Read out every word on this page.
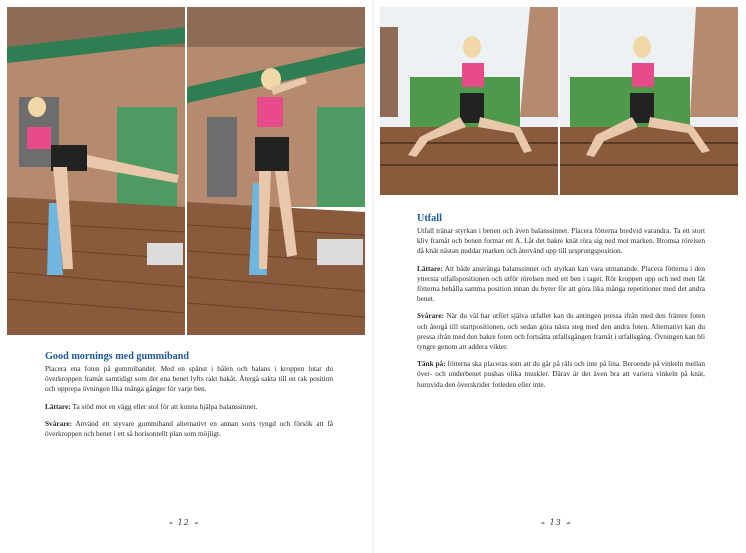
Good mornings med gummiband

Placera ena foten på gummibandet. Med en spänst i bålen och balans i kroppen lutar du överkroppen framåt samtidigt som det ena benet lyfts rakt bakåt. Återgå sakta till en rak position och upprepa övningen lika många gånger för varje ben.

Lättare: Ta stöd mot en vägg eller stol för att kunna hjälpa balanssinnet.

Svårare: Använd ett styvare gummiband alternativt en annan sorts tyngd och försök att få överkroppen och benet i ett så horisontellt plan som möjligt.

Utfall

Utfall tränar styrkan i benen och även balanssinnet. Placera fötterna bredvid varandra. Ta ett stort kliv framåt och benen formar ett A. Låt det bakre knät röra sig ned mot marken. Bromsa rörelsen då knät nästan nuddar marken och återvänd upp till ursprungsposition.

Lättare: Att både anstränga balanssinnet och styrkan kan vara utmanande. Placera fötterna i den yttersta utfallspositionen och utför rörelsen med ett ben i taget. Rör kroppen upp och ned men låt fötterna behålla samma position innan du byter för att göra lika många repetitioner med det andra benet.

Svårare: När du väl har utfört själva utfallet kan du antingen pressa ifrån med den främre foten och återgå till startpositionen, och sedan göra nästa steg med den andra foten. Alternativt kan du pressa ifrån med den bakre foten och fortsätta utfallsgången framåt i utfallsgång. Övningen kan bli tyngre genom att addera vikter.

Tänk på: fötterna ska placeras som att du går på räls och inte på lina. Beroende på vinkeln mellan över- och underbenet pushas olika muskler. Därav är det även bra att variera vinkeln på knät, huruvida den överskrider fotleden eller inte.

❧ 12 ☙	❧ 13 ☙
